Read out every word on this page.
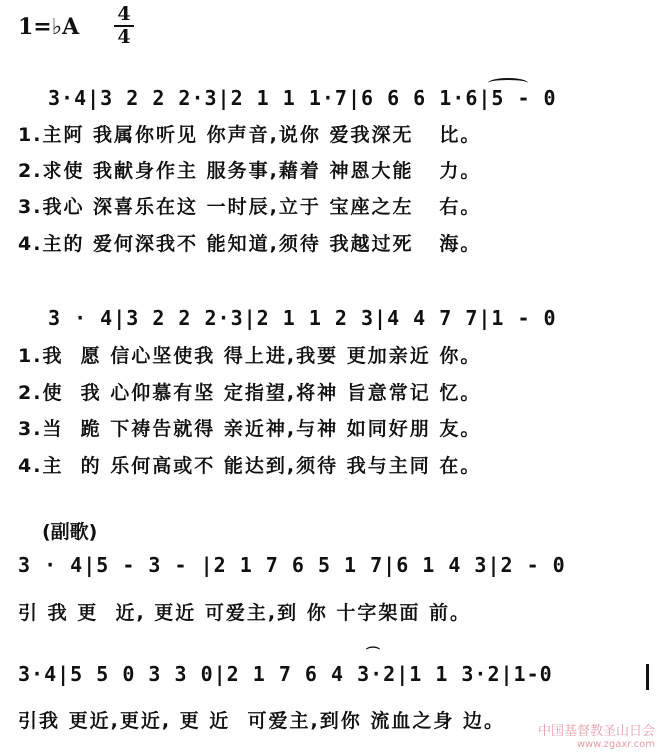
1=♭A 4
4
3·4|3 2 2 2·3|2 1 1 1·7|6 6 6 1·6|5 - 0
1.主阿 我属你听见 你声音,说你 爱我深无   比。
2.求使 我献身作主 服务事,藉着 神恩大能   力。
3.我心 深喜乐在这 一时辰,立于 宝座之左   右。
4.主的 爱何深我不 能知道,须待 我越过死   海。
3 · 4|3 2 2 2·3|2 1 1 2 3|4 4 7 7|1 - 0
1.我  愿 信心坚使我 得上进,我要 更加亲近 你。
2.使  我 心仰慕有坚 定指望,将神 旨意常记 忆。
3.当  跪 下祷告就得 亲近神,与神 如同好朋 友。
4.主  的 乐何高或不 能达到,须待 我与主同 在。
(副歌)
3 · 4|5 - 3 - |2 1 7 6 5 1 7|6 1 4 3|2 - 0
引 我 更  近, 更近 可爱主,到 你 十字架面 前。
⌒
3·4|5 5 0 3 3 0|2 1 7 6 4 3·2|1 1 3·2|1-0
引我 更近,更近, 更 近  可爱主,到你 流血之身 边。	中国基督教圣山日会
www.zgaxr.com
